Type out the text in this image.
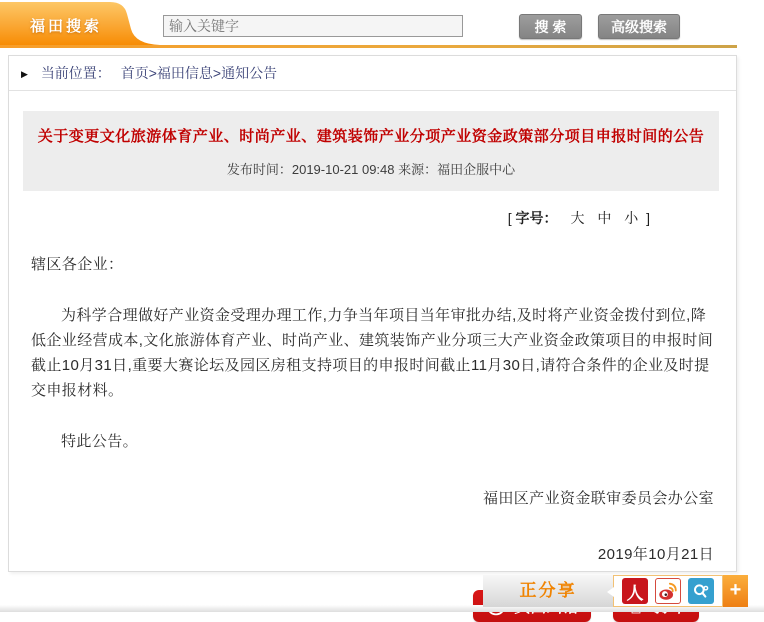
福田搜索
输入关键字	搜 索	高级搜索
▶ 当前位置： 首页>福田信息>通知公告
关于变更文化旅游体育产业、时尚产业、建筑装饰产业分项产业资金政策部分项目申报时间的公告
发布时间：2019-10-21 09:48 来源：福田企服中心
[ 字号： 大 中 小 ]

辖区各企业：

为科学合理做好产业资金受理办理工作,力争当年项目当年审批办结,及时将产业资金拨付到位,降低企业经营成本,文化旅游体育产业、时尚产业、建筑装饰产业分项三大产业资金政策项目的申报时间截止10月31日,重要大赛论坛及园区房租支持项目的申报时间截止11月30日,请符合条件的企业及时提交申报材料。

特此公告。

福田区产业资金联审委员会办公室

2019年10月21日

正分享	人	+
